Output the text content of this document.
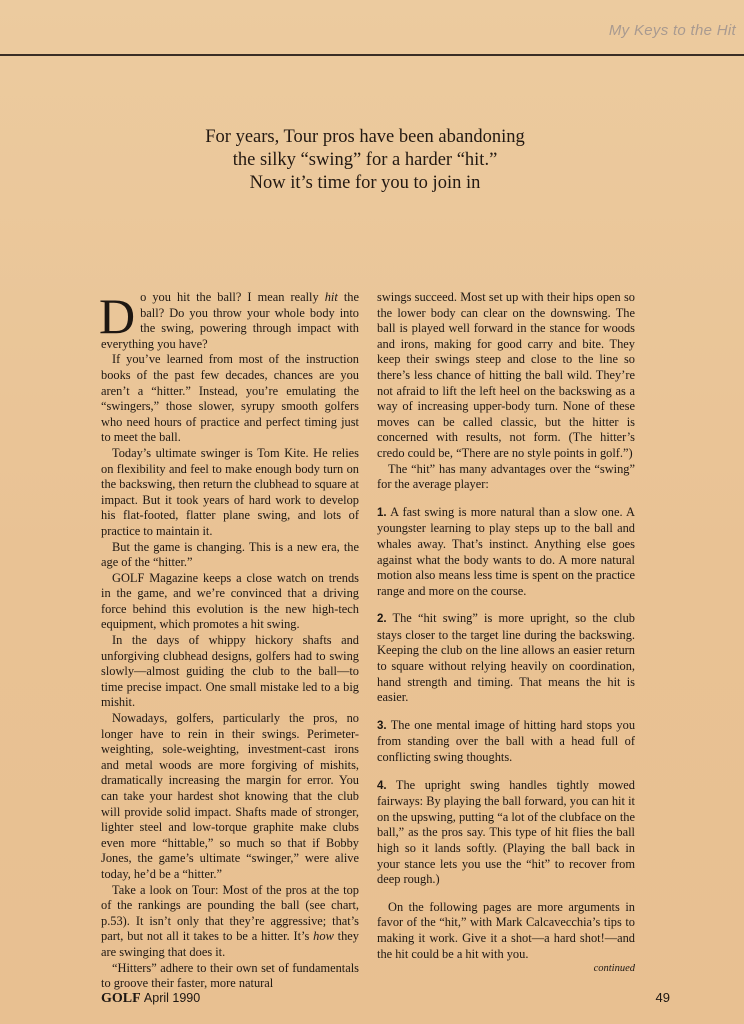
My Keys to the Hit
For years, Tour pros have been abandoning
the silky “swing” for a harder “hit.”
Now it’s time for you to join in

Do you hit the ball? I mean really hit the ball? Do you throw your whole body into the swing, powering through impact with everything you have?

If you’ve learned from most of the instruction books of the past few decades, chances are you aren’t a “hitter.” Instead, you’re emulating the “swingers,” those slower, syrupy smooth golfers who need hours of practice and perfect timing just to meet the ball.

Today’s ultimate swinger is Tom Kite. He relies on flexibility and feel to make enough body turn on the backswing, then return the clubhead to square at impact. But it took years of hard work to develop his flat-footed, flatter plane swing, and lots of practice to maintain it.

But the game is changing. This is a new era, the age of the “hitter.”

GOLF Magazine keeps a close watch on trends in the game, and we’re convinced that a driving force behind this evolution is the new high-tech equipment, which promotes a hit swing.

In the days of whippy hickory shafts and unforgiving clubhead designs, golfers had to swing slowly—almost guiding the club to the ball—to time precise impact. One small mistake led to a big mishit.

Nowadays, golfers, particularly the pros, no longer have to rein in their swings. Perimeter-weighting, sole-weighting, investment-cast irons and metal woods are more forgiving of mishits, dramatically increasing the margin for error. You can take your hardest shot knowing that the club will provide solid impact. Shafts made of stronger, lighter steel and low-torque graphite make clubs even more “hittable,” so much so that if Bobby Jones, the game’s ultimate “swinger,” were alive today, he’d be a “hitter.”

Take a look on Tour: Most of the pros at the top of the rankings are pounding the ball (see chart, p.53). It isn’t only that they’re aggressive; that’s part, but not all it takes to be a hitter. It’s how they are swinging that does it.

“Hitters” adhere to their own set of fundamentals to groove their faster, more natural

swings succeed. Most set up with their hips open so the lower body can clear on the downswing. The ball is played well forward in the stance for woods and irons, making for good carry and bite. They keep their swings steep and close to the line so there’s less chance of hitting the ball wild. They’re not afraid to lift the left heel on the backswing as a way of increasing upper-body turn. None of these moves can be called classic, but the hitter is concerned with results, not form. (The hitter’s credo could be, “There are no style points in golf.”)

The “hit” has many advantages over the “swing” for the average player:

1. A fast swing is more natural than a slow one. A youngster learning to play steps up to the ball and whales away. That’s instinct. Anything else goes against what the body wants to do. A more natural motion also means less time is spent on the practice range and more on the course.

2. The “hit swing” is more upright, so the club stays closer to the target line during the backswing. Keeping the club on the line allows an easier return to square without relying heavily on coordination, hand strength and timing. That means the hit is easier.

3. The one mental image of hitting hard stops you from standing over the ball with a head full of conflicting swing thoughts.

4. The upright swing handles tightly mowed fairways: By playing the ball forward, you can hit it on the upswing, putting “a lot of the clubface on the ball,” as the pros say. This type of hit flies the ball high so it lands softly. (Playing the ball back in your stance lets you use the “hit” to recover from deep rough.)

On the following pages are more arguments in favor of the “hit,” with Mark Calcavecchia’s tips to making it work. Give it a shot—a hard shot!—and the hit could be a hit with you.

continued
GOLF April 1990	49
